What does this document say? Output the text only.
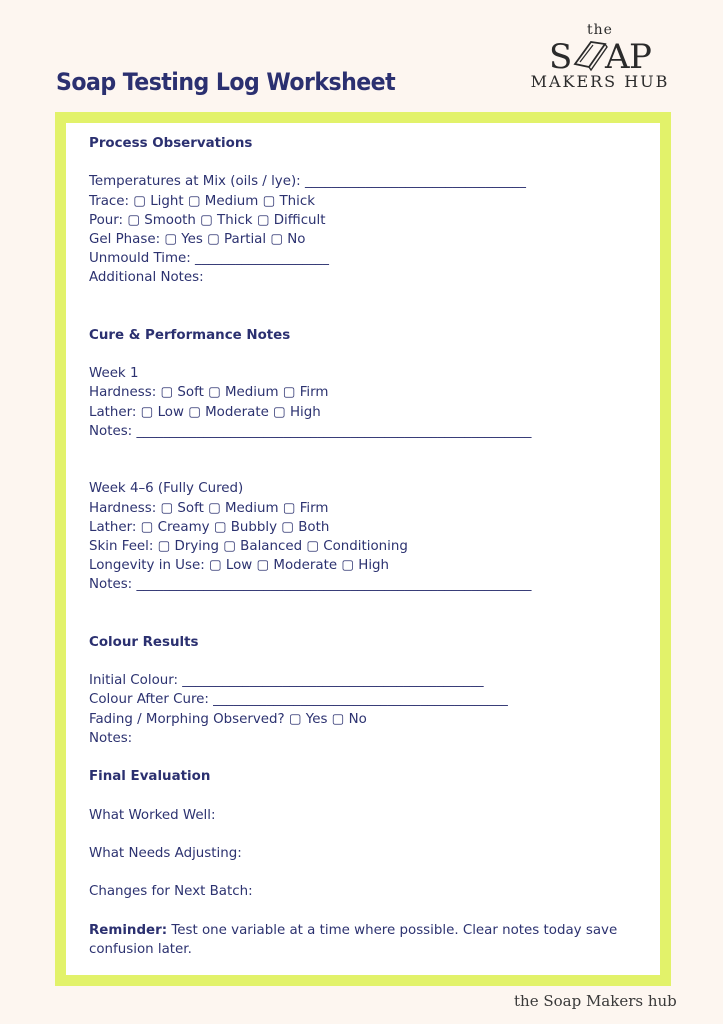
Soap Testing Log Worksheet
the
S A P
MAKERS HUB
Process Observations
Temperatures at Mix (oils / lye): _________________________________
Trace: ▢ Light ▢ Medium ▢ Thick
Pour: ▢ Smooth ▢ Thick ▢ Difficult
Gel Phase: ▢ Yes ▢ Partial ▢ No
Unmould Time: ____________________
Additional Notes:
Cure & Performance Notes
Week 1
Hardness: ▢ Soft ▢ Medium ▢ Firm
Lather: ▢ Low ▢ Moderate ▢ High
Notes: ___________________________________________________________
Week 4–6 (Fully Cured)
Hardness: ▢ Soft ▢ Medium ▢ Firm
Lather: ▢ Creamy ▢ Bubbly ▢ Both
Skin Feel: ▢ Drying ▢ Balanced ▢ Conditioning
Longevity in Use: ▢ Low ▢ Moderate ▢ High
Notes: ___________________________________________________________
Colour Results
Initial Colour: _____________________________________________
Colour After Cure: ____________________________________________
Fading / Morphing Observed? ▢ Yes ▢ No
Notes:
Final Evaluation
What Worked Well:
What Needs Adjusting:
Changes for Next Batch:
Reminder: Test one variable at a time where possible. Clear notes today save confusion later.
the Soap Makers hub
